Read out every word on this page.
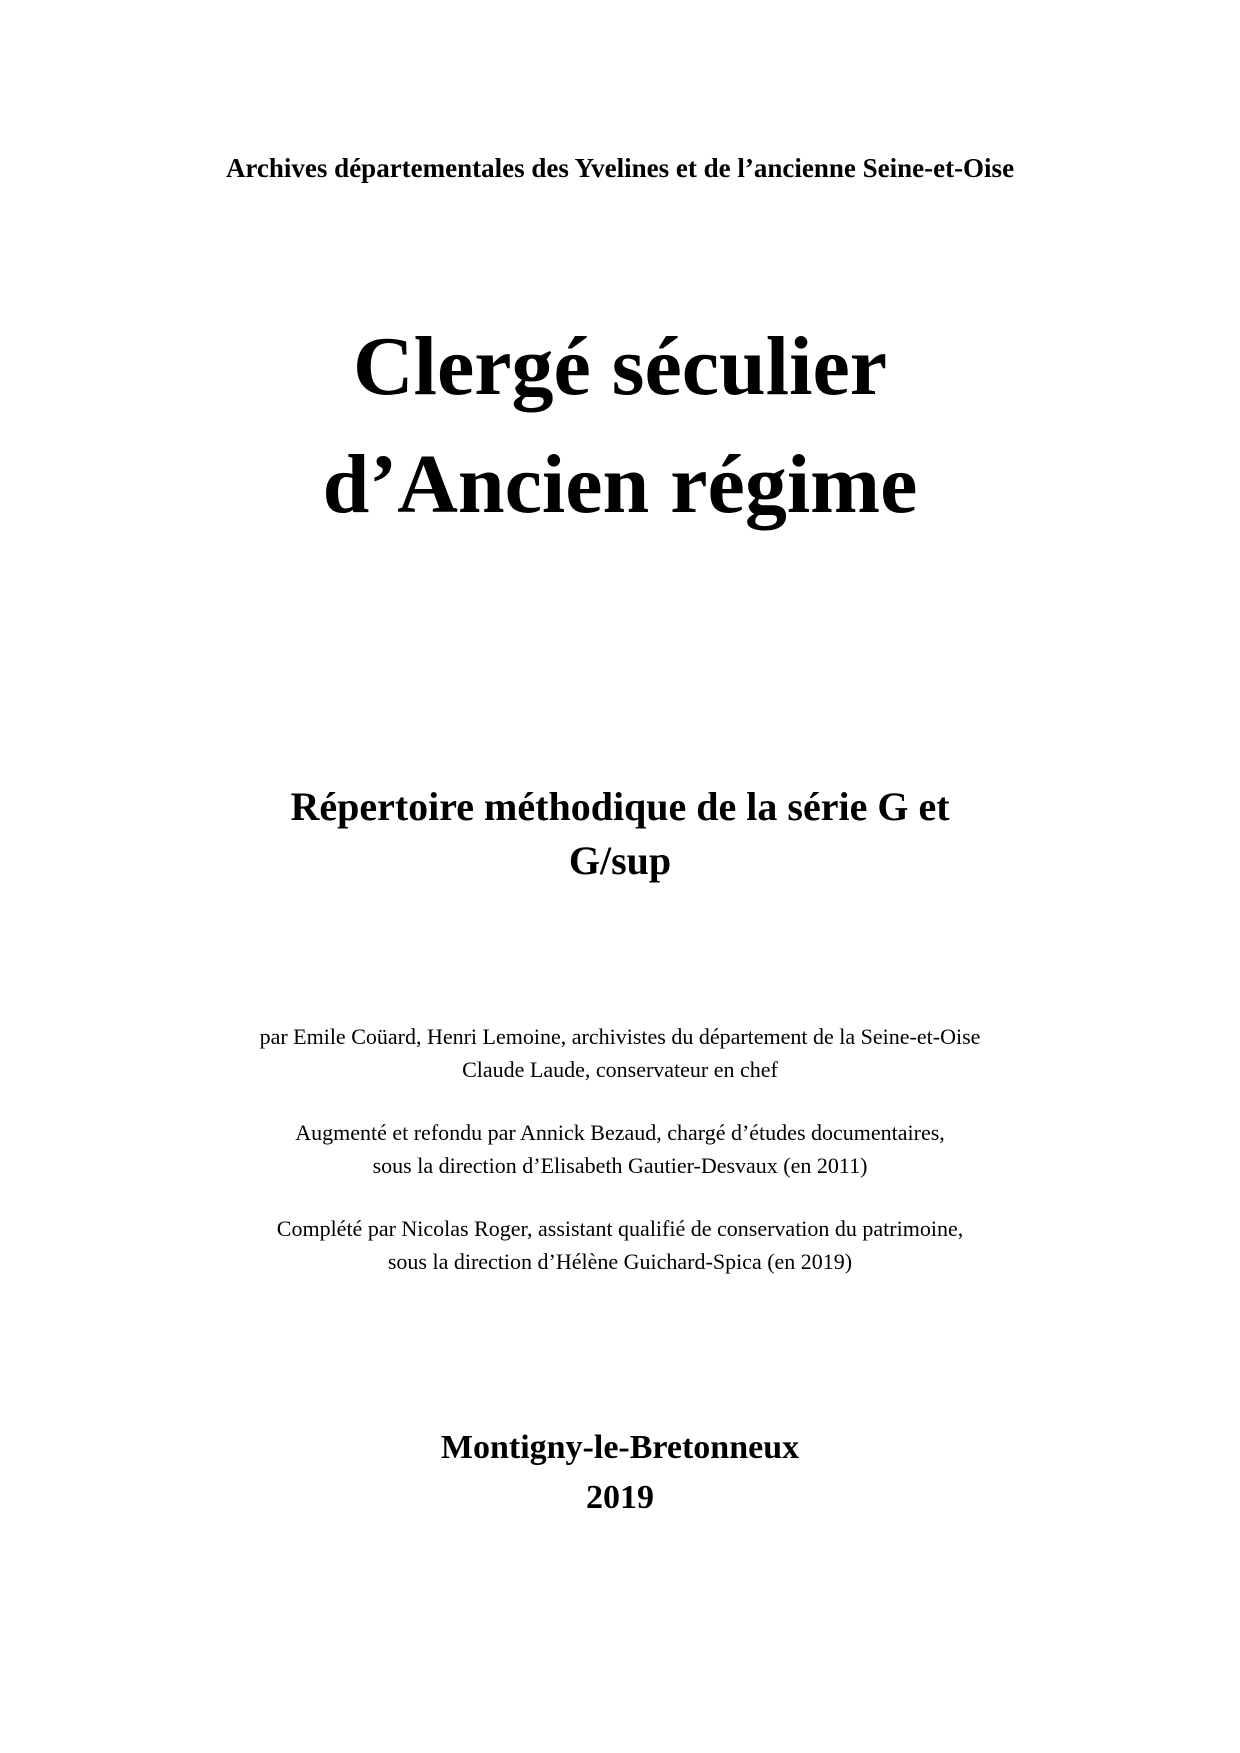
Archives départementales des Yvelines et de l’ancienne Seine-et-Oise
Clergé séculier
d’Ancien régime
Répertoire méthodique de la série G et
G/sup
par Emile Coüard, Henri Lemoine, archivistes du département de la Seine-et-Oise
Claude Laude, conservateur en chef
Augmenté et refondu par Annick Bezaud, chargé d’études documentaires,
sous la direction d’Elisabeth Gautier-Desvaux (en 2011)
Complété par Nicolas Roger, assistant qualifié de conservation du patrimoine,
sous la direction d’Hélène Guichard-Spica (en 2019)
Montigny-le-Bretonneux
2019
